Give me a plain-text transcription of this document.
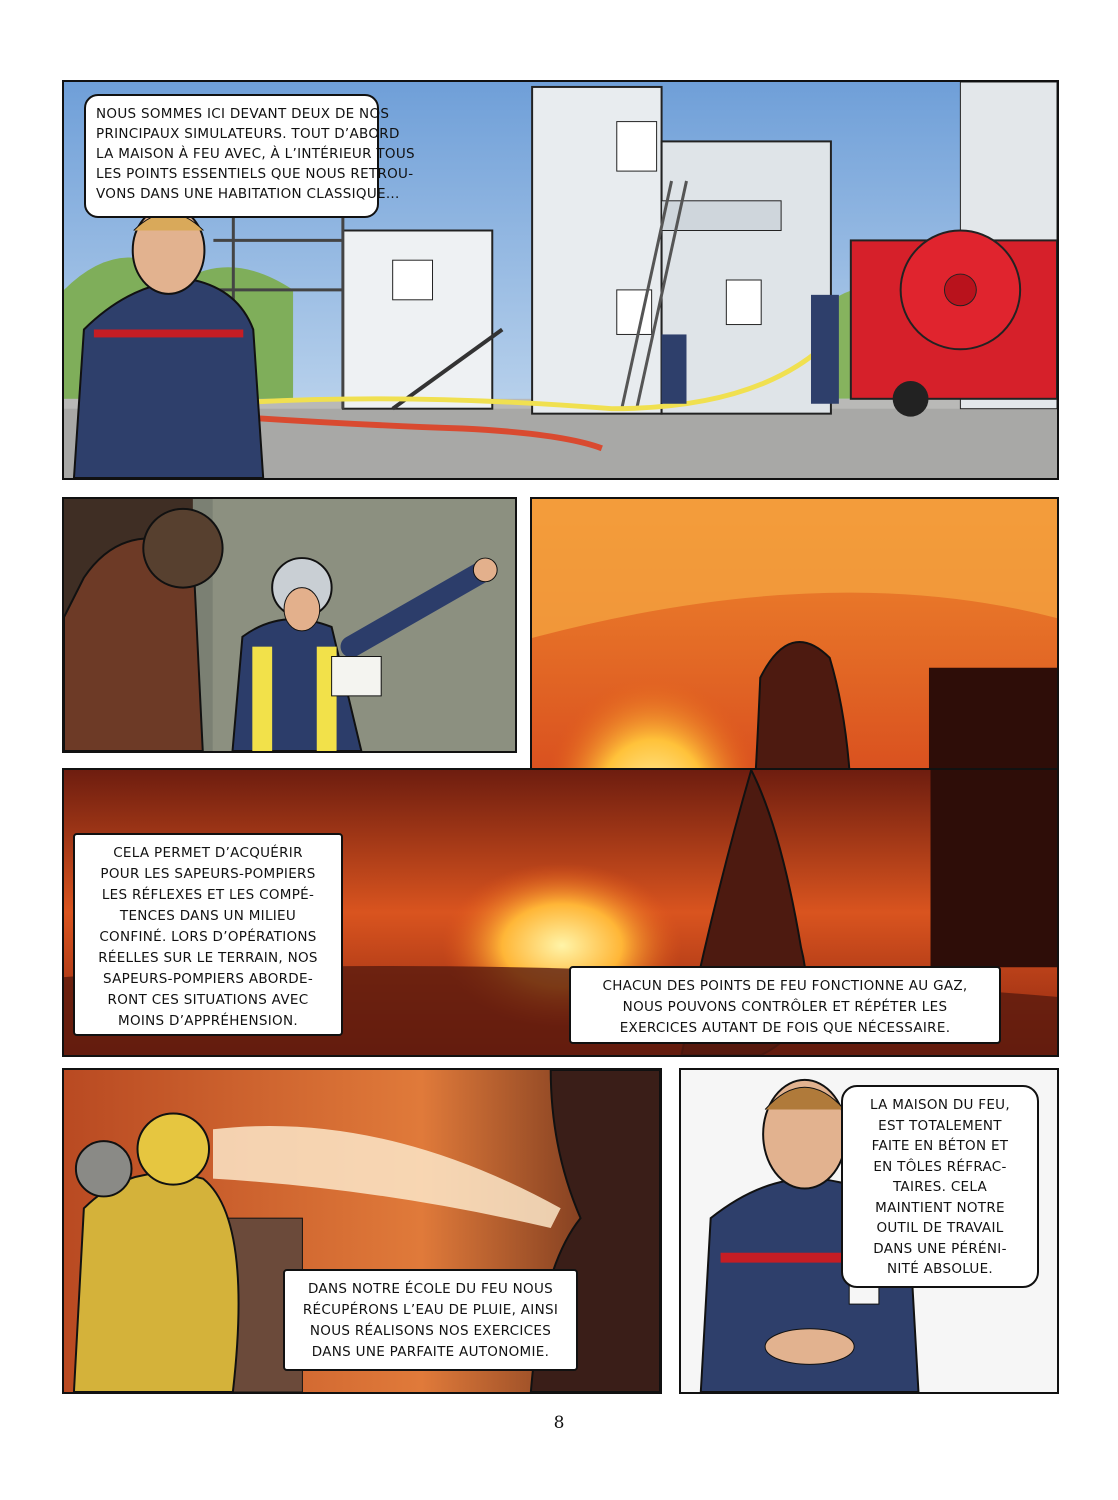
NOUS SOMMES ICI DEVANT DEUX DE NOS
PRINCIPAUX SIMULATEURS. TOUT D’ABORD
LA MAISON À FEU AVEC, À L’INTÉRIEUR TOUS
LES POINTS ESSENTIELS QUE NOUS RETROU-
VONS DANS UNE HABITATION CLASSIQUE...
CELA PERMET D’ACQUÉRIR
POUR LES SAPEURS-POMPIERS
LES RÉFLEXES ET LES COMPÉ-
TENCES DANS UN MILIEU
CONFINÉ. LORS D’OPÉRATIONS
RÉELLES SUR LE TERRAIN, NOS
SAPEURS-POMPIERS ABORDE-
RONT CES SITUATIONS AVEC
MOINS D’APPRÉHENSION.
CHACUN DES POINTS DE FEU FONCTIONNE AU GAZ,
NOUS POUVONS CONTRÔLER ET RÉPÉTER LES
EXERCICES AUTANT DE FOIS QUE NÉCESSAIRE.
DANS NOTRE ÉCOLE DU FEU NOUS
RÉCUPÉRONS L’EAU DE PLUIE, AINSI
NOUS RÉALISONS NOS EXERCICES
DANS UNE PARFAITE AUTONOMIE.
LA MAISON DU FEU,
EST TOTALEMENT
FAITE EN BÉTON ET
EN TÔLES RÉFRAC-
TAIRES. CELA
MAINTIENT NOTRE
OUTIL DE TRAVAIL
DANS UNE PÉRÉNI-
NITÉ ABSOLUE.
8
